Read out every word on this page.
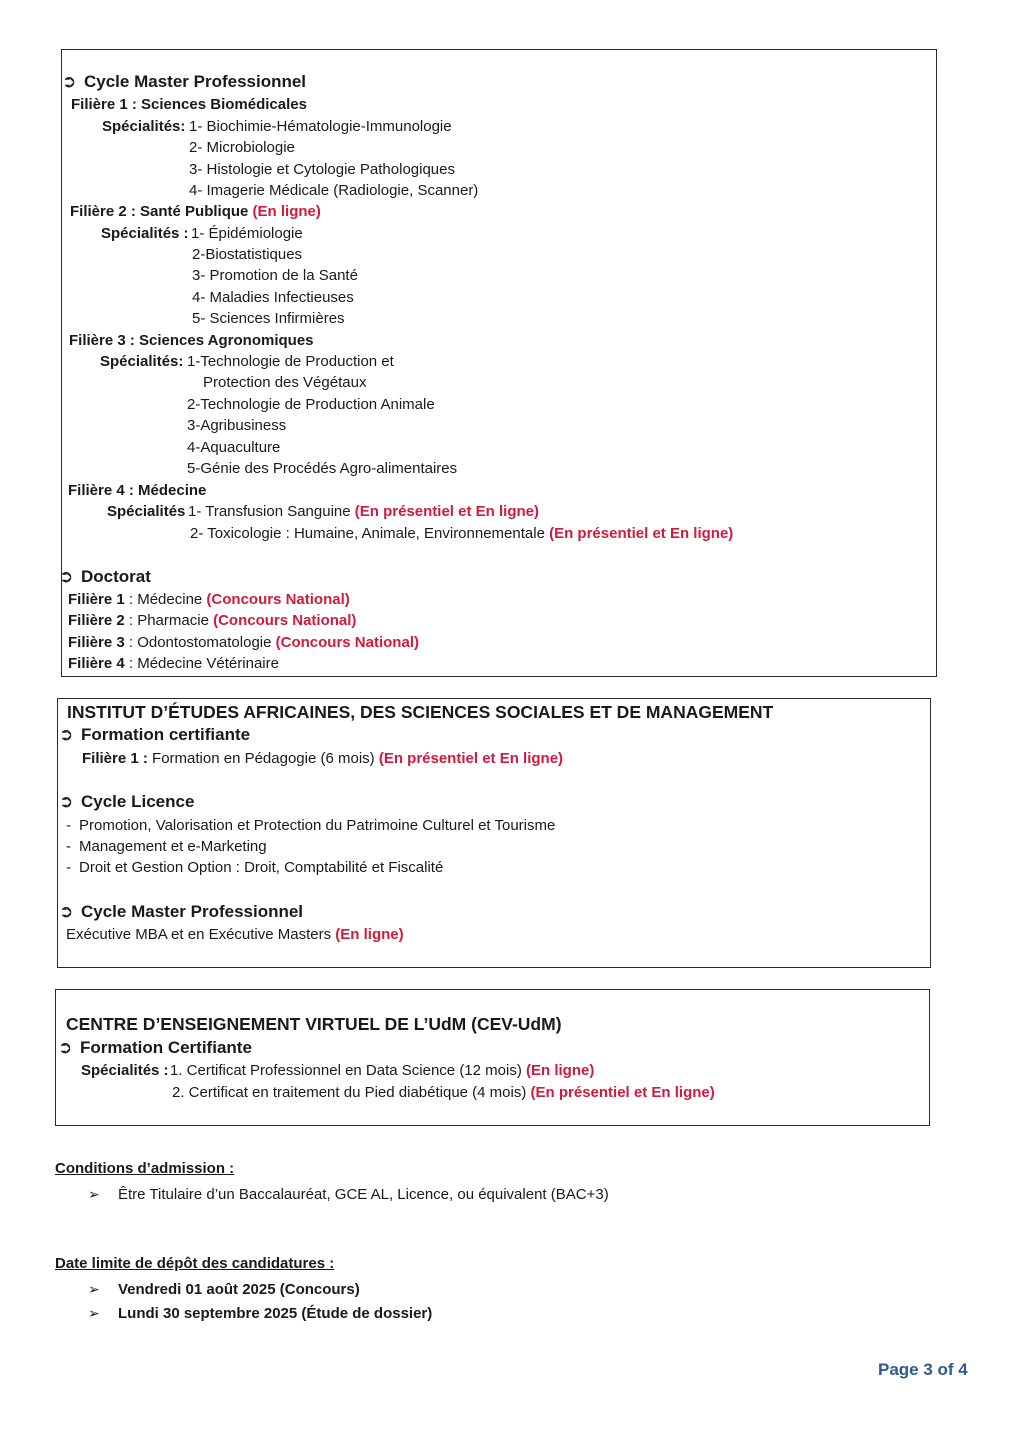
➲ Cycle Master Professionnel
Filière 1 : Sciences Biomédicales
Spécialités: 1- Biochimie-Hématologie-Immunologie
2- Microbiologie
3- Histologie et Cytologie Pathologiques
4- Imagerie Médicale (Radiologie, Scanner)
Filière 2 : Santé Publique (En ligne)
Spécialités : 1- Épidémiologie
2-Biostatistiques
3- Promotion de la Santé
4- Maladies Infectieuses
5- Sciences Infirmières
Filière 3 : Sciences Agronomiques
Spécialités: 1-Technologie de Production et
Protection des Végétaux
2-Technologie de Production Animale
3-Agribusiness
4-Aquaculture
5-Génie des Procédés Agro-alimentaires
Filière 4 : Médecine
Spécialités 1- Transfusion Sanguine (En présentiel et En ligne)
2- Toxicologie : Humaine, Animale, Environnementale (En présentiel et En ligne)
➲ Doctorat
Filière 1 : Médecine (Concours National)
Filière 2 : Pharmacie (Concours National)
Filière 3 : Odontostomatologie (Concours National)
Filière 4 : Médecine Vétérinaire
INSTITUT D’ÉTUDES AFRICAINES, DES SCIENCES SOCIALES ET DE MANAGEMENT
➲ Formation certifiante
Filière 1 : Formation en Pédagogie (6 mois) (En présentiel et En ligne)
➲ Cycle Licence
- Promotion, Valorisation et Protection du Patrimoine Culturel et Tourisme
- Management et e-Marketing
- Droit et Gestion Option : Droit, Comptabilité et Fiscalité
➲ Cycle Master Professionnel
Exécutive MBA et en Exécutive Masters (En ligne)
CENTRE D’ENSEIGNEMENT VIRTUEL DE L’UdM (CEV-UdM)
➲ Formation Certifiante
Spécialités : 1. Certificat Professionnel en Data Science (12 mois) (En ligne)
2. Certificat en traitement du Pied diabétique (4 mois) (En présentiel et En ligne)
Conditions d’admission :
➢ Être Titulaire d’un Baccalauréat, GCE AL, Licence, ou équivalent (BAC+3)
Date limite de dépôt des candidatures :
➢ Vendredi 01 août 2025 (Concours)
➢ Lundi 30 septembre 2025 (Étude de dossier)
Page 3 of 4
